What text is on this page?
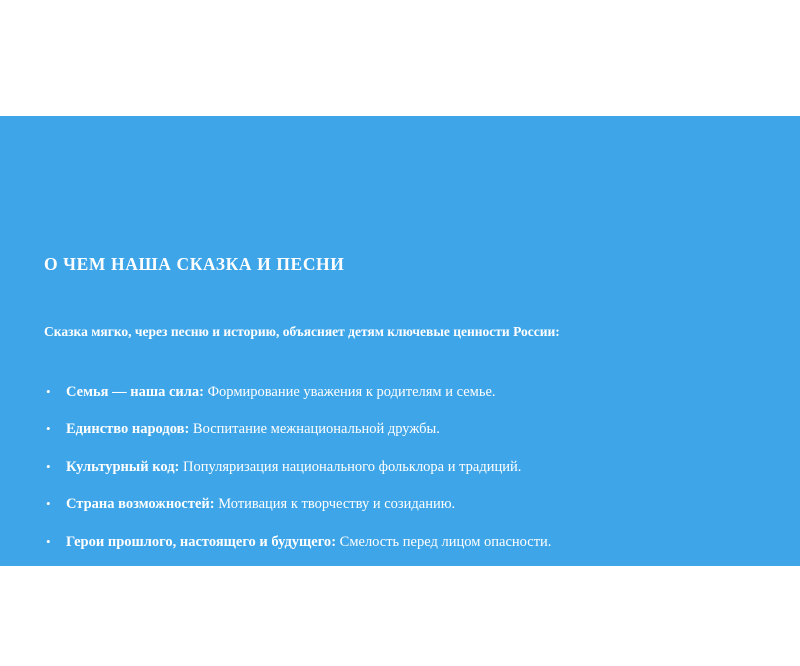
О ЧЕМ НАША СКАЗКА И ПЕСНИ
Сказка мягко, через песню и историю, объясняет детям ключевые ценности России:
• Семья — наша сила: Формирование уважения к родителям и семье.
• Единство народов: Воспитание межнациональной дружбы.
• Культурный код: Популяризация национального фольклора и традиций.
• Страна возможностей: Мотивация к творчеству и созиданию.
• Герои прошлого, настоящего и будущего: Смелость перед лицом опасности.
admin-smolensk.ru
